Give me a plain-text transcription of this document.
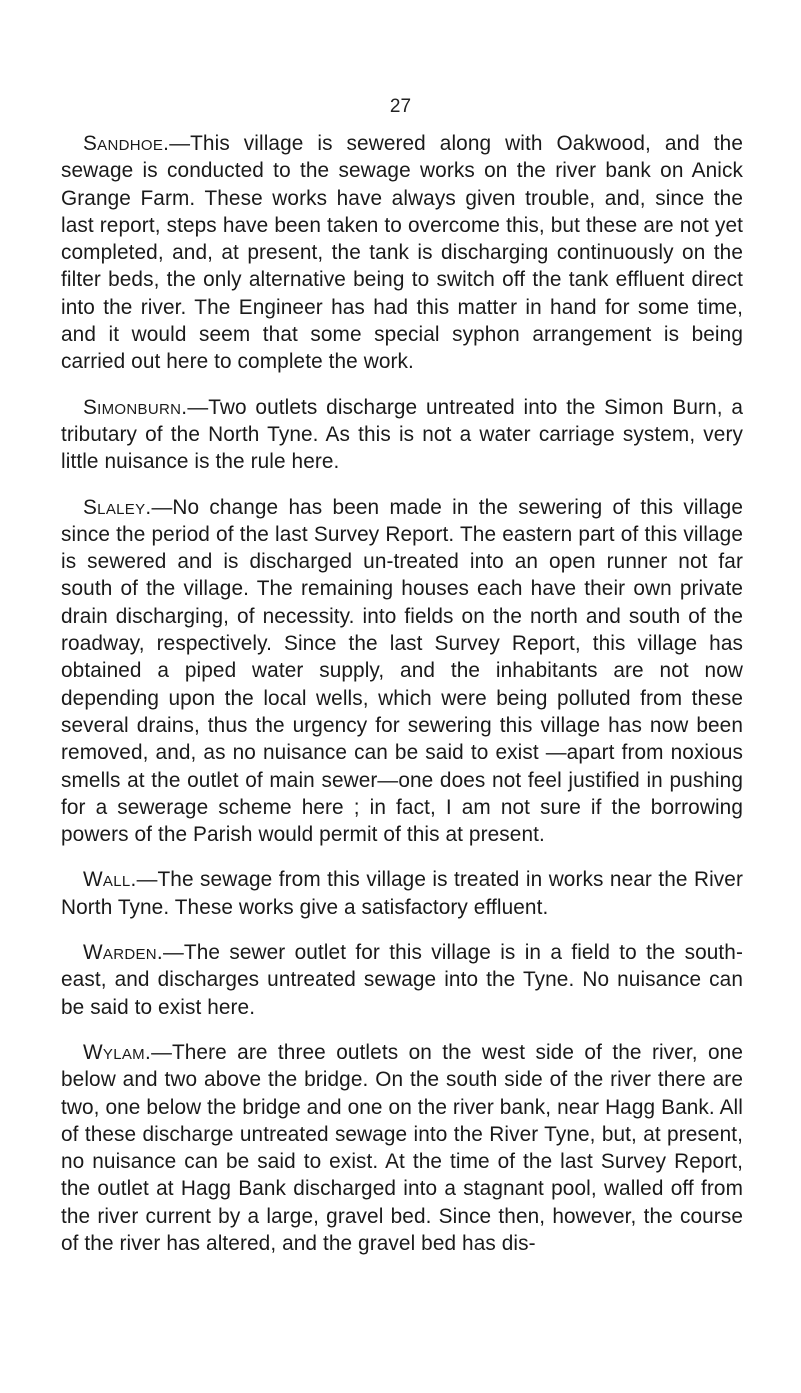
27

Sandhoe.—This village is sewered along with Oakwood, and the sewage is conducted to the sewage works on the river bank on Anick Grange Farm. These works have always given trouble, and, since the last report, steps have been taken to overcome this, but these are not yet completed, and, at present, the tank is discharging continuously on the filter beds, the only alternative being to switch off the tank effluent direct into the river. The Engineer has had this matter in hand for some time, and it would seem that some special syphon arrangement is being carried out here to complete the work.

Simonburn.—Two outlets discharge untreated into the Simon Burn, a tributary of the North Tyne. As this is not a water carriage system, very little nuisance is the rule here.

Slaley.—No change has been made in the sewering of this village since the period of the last Survey Report. The eastern part of this village is sewered and is discharged un-treated into an open runner not far south of the village. The remaining houses each have their own private drain discharging, of necessity. into fields on the north and south of the roadway, respectively. Since the last Survey Report, this village has obtained a piped water supply, and the inhabitants are not now depending upon the local wells, which were being polluted from these several drains, thus the urgency for sewering this village has now been removed, and, as no nuisance can be said to exist —apart from noxious smells at the outlet of main sewer—one does not feel justified in pushing for a sewerage scheme here ; in fact, I am not sure if the borrowing powers of the Parish would permit of this at present.

Wall.—The sewage from this village is treated in works near the River North Tyne. These works give a satisfactory effluent.

Warden.—The sewer outlet for this village is in a field to the south-east, and discharges untreated sewage into the Tyne. No nuisance can be said to exist here.

Wylam.—There are three outlets on the west side of the river, one below and two above the bridge. On the south side of the river there are two, one below the bridge and one on the river bank, near Hagg Bank. All of these discharge untreated sewage into the River Tyne, but, at present, no nuisance can be said to exist. At the time of the last Survey Report, the outlet at Hagg Bank discharged into a stagnant pool, walled off from the river current by a large, gravel bed. Since then, however, the course of the river has altered, and the gravel bed has dis-
